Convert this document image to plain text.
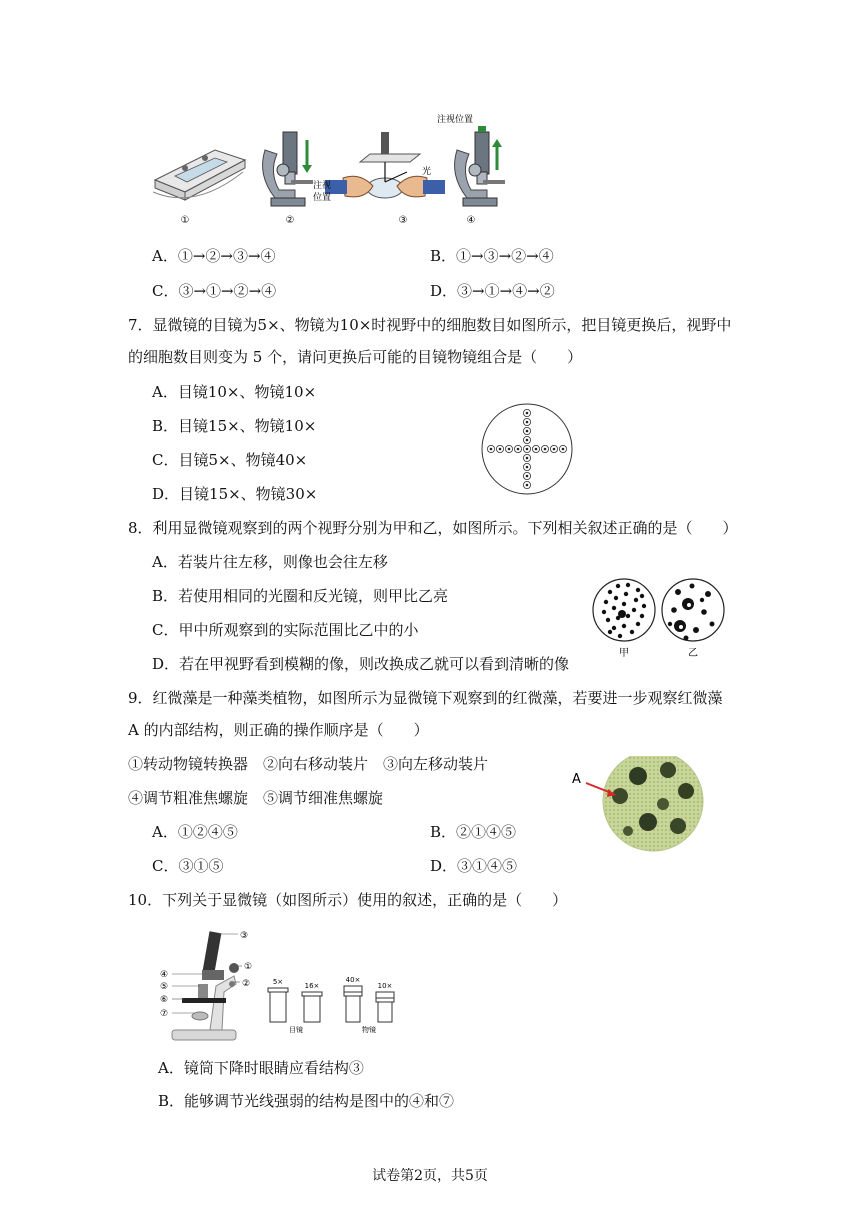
①	②	③	④
注视位置
注视
位置
光
A．①→②→③→④	B．①→③→②→④
C．③→①→②→④	D．③→①→④→②
7．显微镜的目镜为5×、物镜为10×时视野中的细胞数目如图所示，把目镜更换后，视野中
的细胞数目则变为 5 个，请问更换后可能的目镜物镜组合是（　　）
A．目镜10×、物镜10×
B．目镜15×、物镜10×
C．目镜5×、物镜40×
D．目镜15×、物镜30×
8．利用显微镜观察到的两个视野分别为甲和乙，如图所示。下列相关叙述正确的是（　　）
A．若装片往左移，则像也会往左移
B．若使用相同的光圈和反光镜，则甲比乙亮
C．甲中所观察到的实际范围比乙中的小
D．若在甲视野看到模糊的像，则改换成乙就可以看到清晰的像
甲	乙
9．红微藻是一种藻类植物，如图所示为显微镜下观察到的红微藻，若要进一步观察红微藻
A 的内部结构，则正确的操作顺序是（　　）
①转动物镜转换器　②向右移动装片　③向左移动装片
④调节粗准焦螺旋　⑤调节细准焦螺旋
A．①②④⑤	B．②①④⑤
C．③①⑤	D．③①④⑤
A
10．下列关于显微镜（如图所示）使用的叙述，正确的是（　　）
③
①
②
④
⑤
⑥
⑦
5×	16×
40×
10×
目镜	物镜
A．镜筒下降时眼睛应看结构③
B．能够调节光线强弱的结构是图中的④和⑦
试卷第2页，共5页
